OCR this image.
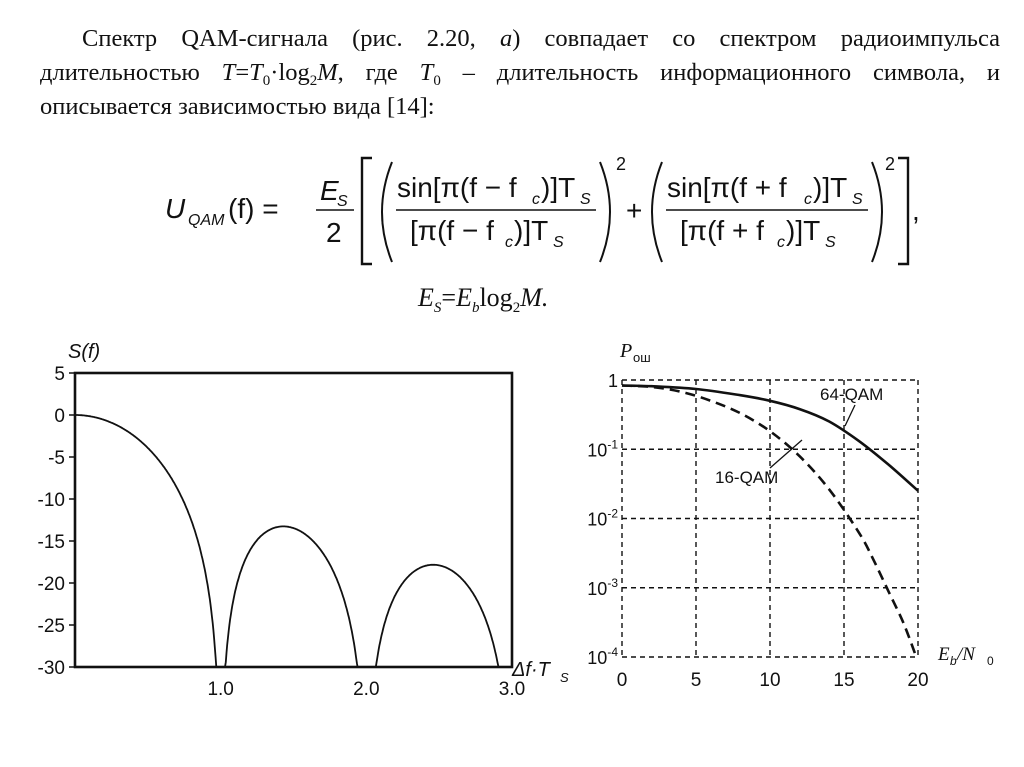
Спектр QAM-сигнала (рис. 2.20, a) совпадает со спектром радиоимпульса длительностью $T=T_0\cdot\log_2M$, где $T_0$ – длительность информационного символа, и описывается зависимостью вида [14]:
U QAM (f) =
E
S
2
sin[π(f − f c )]T S
[π(f − f c )]T S
2
+
sin[π(f + f c )]T S
[π(f + f c )]T S
2
,
$E_S=E_b\log_2M$.
5
0
-5
-10
-15
-20
-25
-30
1.0	2.0	3.0
S(f)
Δf·T S	0	5	10	15	20
1
$10^{-1}$
$10^{-2}$
$10^{-3}$
$10^{-4}$
P ош
64-QAM
16-QAM
E b /N 0
